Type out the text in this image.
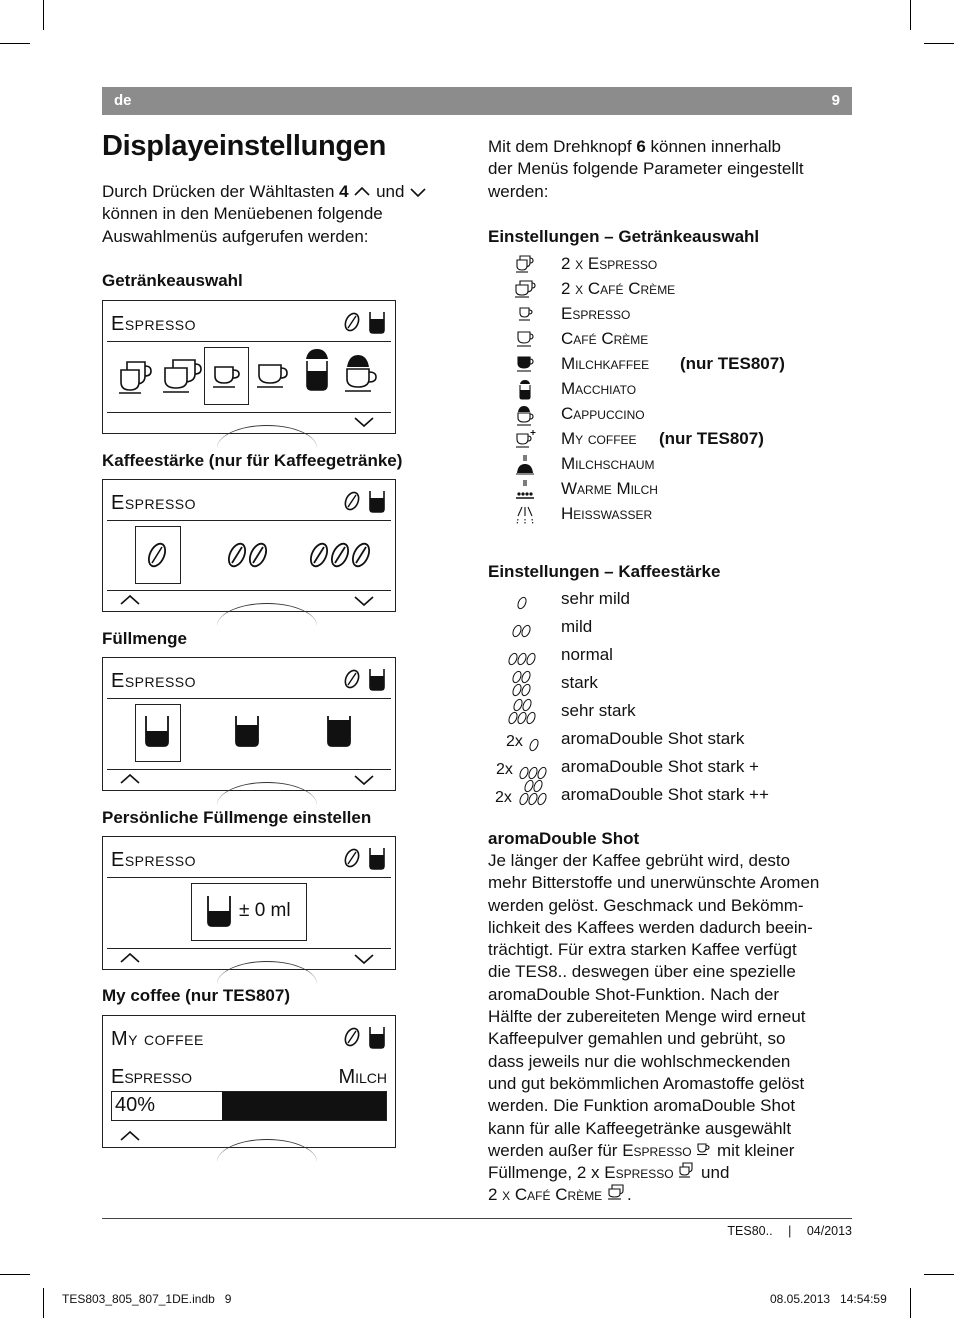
de	9
Displayeinstellungen
Durch Drücken der Wähltasten 4  und
können in den Menüebenen folgende
Auswahlmenüs aufgerufen werden:
Getränkeauswahl
Espresso
Kaffeestärke (nur für Kaffeegetränke)
Espresso
Füllmenge
Espresso
Persönliche Füllmenge einstellen
Espresso
± 0 ml
My coffee (nur TES807)
My coffee
Espresso	Milch
40%
Mit dem Drehknopf 6 können innerhalb
der Menüs folgende Parameter eingestellt
werden:
Einstellungen – Getränkeauswahl
2 x Espresso
2 x Café Crème
Espresso
Café Crème
Milchkaffee (nur TES807)
Macchiato
Cappuccino
My coffee (nur TES807)
Milchschaum
Warme Milch
Heisswasser
Einstellungen – Kaffeestärke
sehr mild
mild
normal
stark
sehr stark
2x aromaDouble Shot stark
2x	aromaDouble Shot stark +
2x	aromaDouble Shot stark ++
aromaDouble Shot
Je länger der Kaffee gebrüht wird, desto
mehr Bitterstoffe und unerwünschte Aromen
werden gelöst. Geschmack und Bekömm-
lichkeit des Kaffees werden dadurch beein-
trächtigt. Für extra starken Kaffee verfügt
die TES8.. deswegen über eine spezielle
aromaDouble Shot-Funktion. Nach der
Hälfte der zubereiteten Menge wird erneut
Kaffeepulver gemahlen und gebrüht, so
dass jeweils nur die wohlschmeckenden
und gut bekömmlichen Aromastoffe gelöst
werden. Die Funktion aromaDouble Shot
kann für alle Kaffeegetränke ausgewählt
werden außer für Espresso  mit kleiner
Füllmenge, 2 x Espresso  und
2 x Café Crème .
TES80.. | 04/2013
TES803_805_807_1DE.indb   9	08.05.2013   14:54:59
